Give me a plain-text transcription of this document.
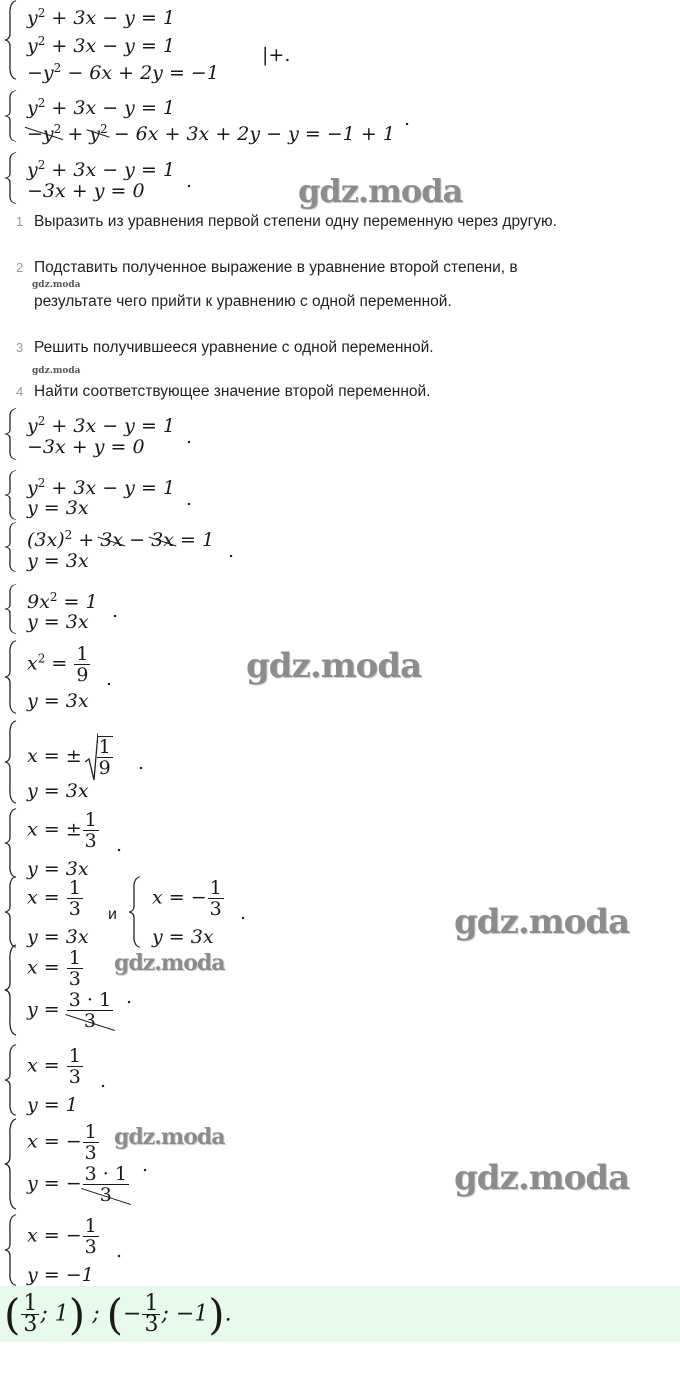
$y^2 + 3x - y = 1$
$y^2 + 3x - y = 1$
$-y^2 - 6x + 2y = -1$
|+.
$y^2 + 3x - y = 1$
$-y^2 + y^2 - 6x + 3x + 2y - y = -1 + 1$
.
$y^2 + 3x - y = 1$
−3x + y = 0 .	gdz.moda
1 Выразить из уравнения первой степени одну переменную через другую.
2 Подставить полученное выражение в уравнение второй степени, в
gdz.moda
результате чего прийти к уравнению с одной переменной.
3 Решить получившееся уравнение с одной переменной.
gdz.moda
4 Найти соответствующее значение второй переменной.
$y^2 + 3x - y = 1$
−3x + y = 0 .
$y^2 + 3x - y = 1$
y = 3x	.
$(3x)^2 + 3x - 3x = 1$
y = 3x	.
$9x^2 = 1$
y = 3x .
$x^2 = \frac{1}{9}$
y = 3x
.	gdz.moda
x = ± $\frac{1}{9}$
y = 3x
.
x = ± $\frac{1}{3}$
y = 3x
.
$x = \frac{1}{3}$
y = 3x
и
x = − $\frac{1}{3}$
y = 3x
.	gdz.moda
$x = \frac{1}{3}$
$y = \frac{3 \cdot 1}{3}$ .
gdz.moda
$x = \frac{1}{3}$
y = 1
.
x = − $\frac{1}{3}$
y = − $\frac{3 \cdot 1}{3}$ .
gdz.moda
gdz.moda
x = − $\frac{1}{3}$
y = −1
.
( $\frac{1}{3}$ ; 1) ; (− $\frac{1}{3}$ ; −1).
